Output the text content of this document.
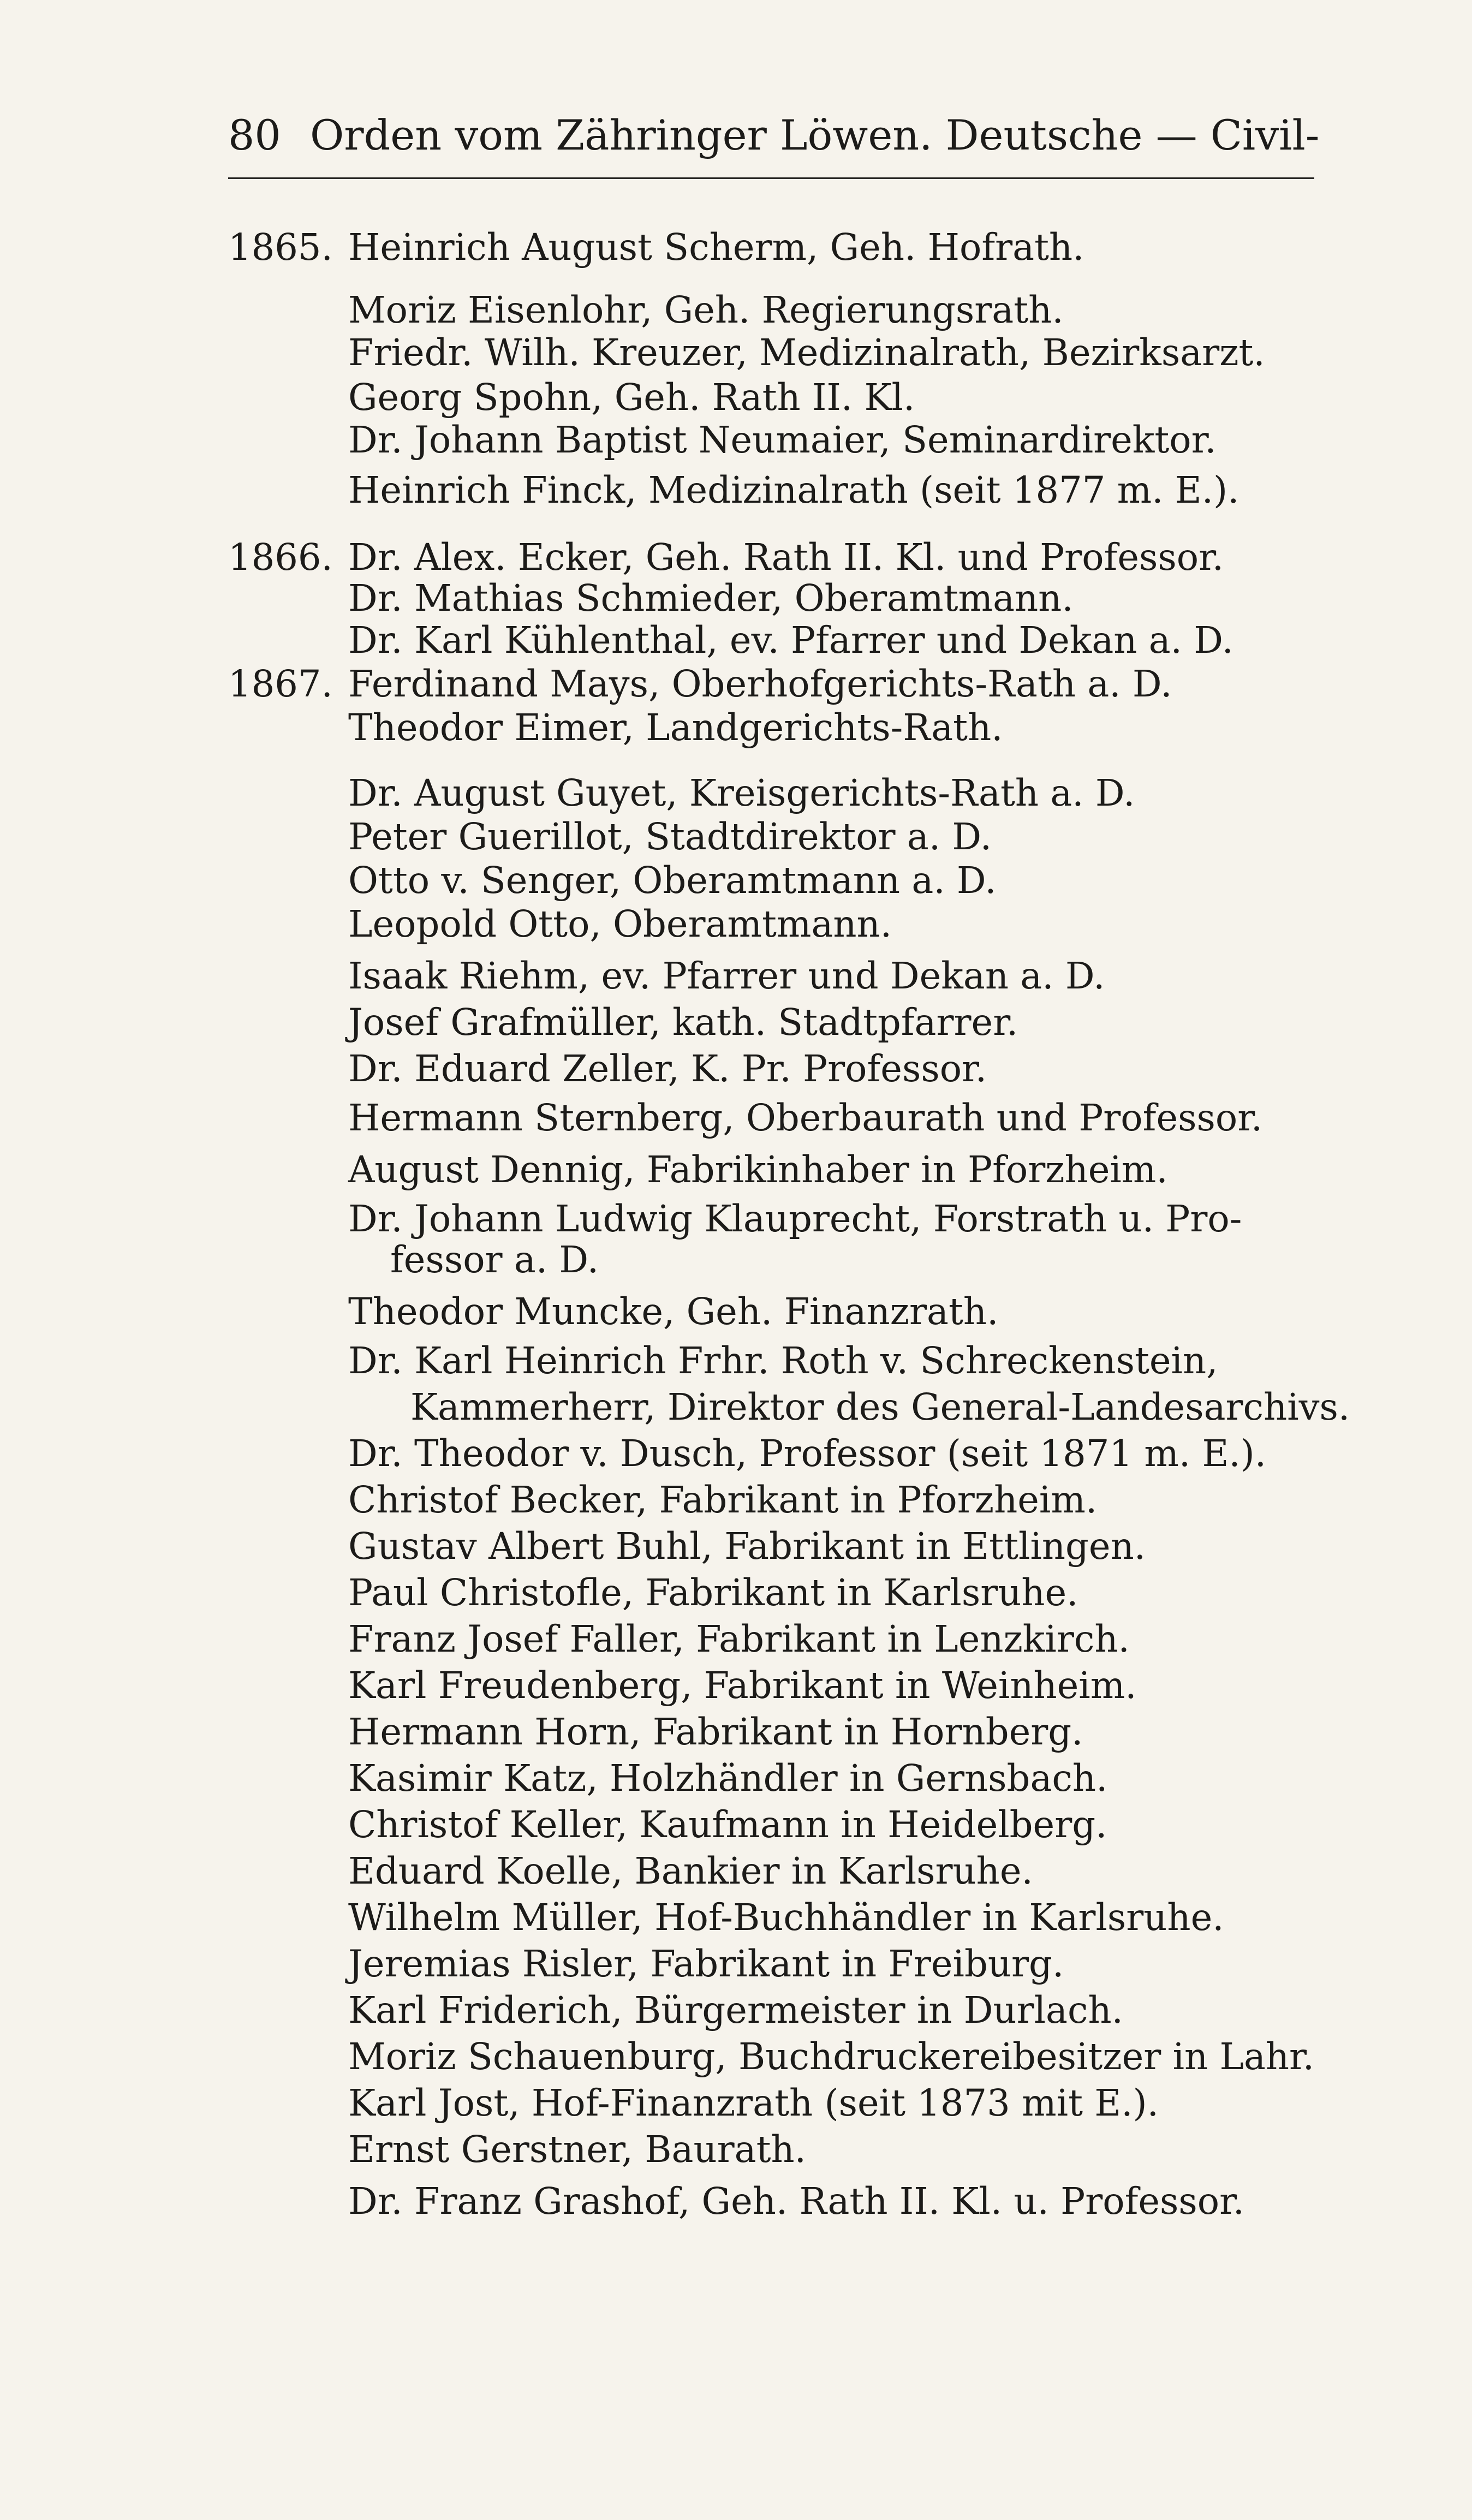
80 Orden vom Zähringer Löwen. Deutsche — Civil-
1865.
1866.
1867.
Heinrich August Scherm, Geh. Hofrath.
Moriz Eisenlohr, Geh. Regierungsrath.
Friedr. Wilh. Kreuzer, Medizinalrath, Bezirksarzt.
Georg Spohn, Geh. Rath II. Kl.
Dr. Johann Baptist Neumaier, Seminardirektor.
Heinrich Finck, Medizinalrath (seit 1877 m. E.).
Dr. Alex. Ecker, Geh. Rath II. Kl. und Professor.
Dr. Mathias Schmieder, Oberamtmann.
Dr. Karl Kühlenthal, ev. Pfarrer und Dekan a. D.
Ferdinand Mays, Oberhofgerichts-Rath a. D.
Theodor Eimer, Landgerichts-Rath.
Dr. August Guyet, Kreisgerichts-Rath a. D.
Peter Guerillot, Stadtdirektor a. D.
Otto v. Senger, Oberamtmann a. D.
Leopold Otto, Oberamtmann.
Isaak Riehm, ev. Pfarrer und Dekan a. D.
Josef Grafmüller, kath. Stadtpfarrer.
Dr. Eduard Zeller, K. Pr. Professor.
Hermann Sternberg, Oberbaurath und Professor.
August Dennig, Fabrikinhaber in Pforzheim.
Dr. Johann Ludwig Klauprecht, Forstrath u. Pro-
fessor a. D.
Theodor Muncke, Geh. Finanzrath.
Dr. Karl Heinrich Frhr. Roth v. Schreckenstein,
Kammerherr, Direktor des General-Landesarchivs.
Dr. Theodor v. Dusch, Professor (seit 1871 m. E.).
Christof Becker, Fabrikant in Pforzheim.
Gustav Albert Buhl, Fabrikant in Ettlingen.
Paul Christofle, Fabrikant in Karlsruhe.
Franz Josef Faller, Fabrikant in Lenzkirch.
Karl Freudenberg, Fabrikant in Weinheim.
Hermann Horn, Fabrikant in Hornberg.
Kasimir Katz, Holzhändler in Gernsbach.
Christof Keller, Kaufmann in Heidelberg.
Eduard Koelle, Bankier in Karlsruhe.
Wilhelm Müller, Hof-Buchhändler in Karlsruhe.
Jeremias Risler, Fabrikant in Freiburg.
Karl Friderich, Bürgermeister in Durlach.
Moriz Schauenburg, Buchdruckereibesitzer in Lahr.
Karl Jost, Hof-Finanzrath (seit 1873 mit E.).
Ernst Gerstner, Baurath.
Dr. Franz Grashof, Geh. Rath II. Kl. u. Professor.
